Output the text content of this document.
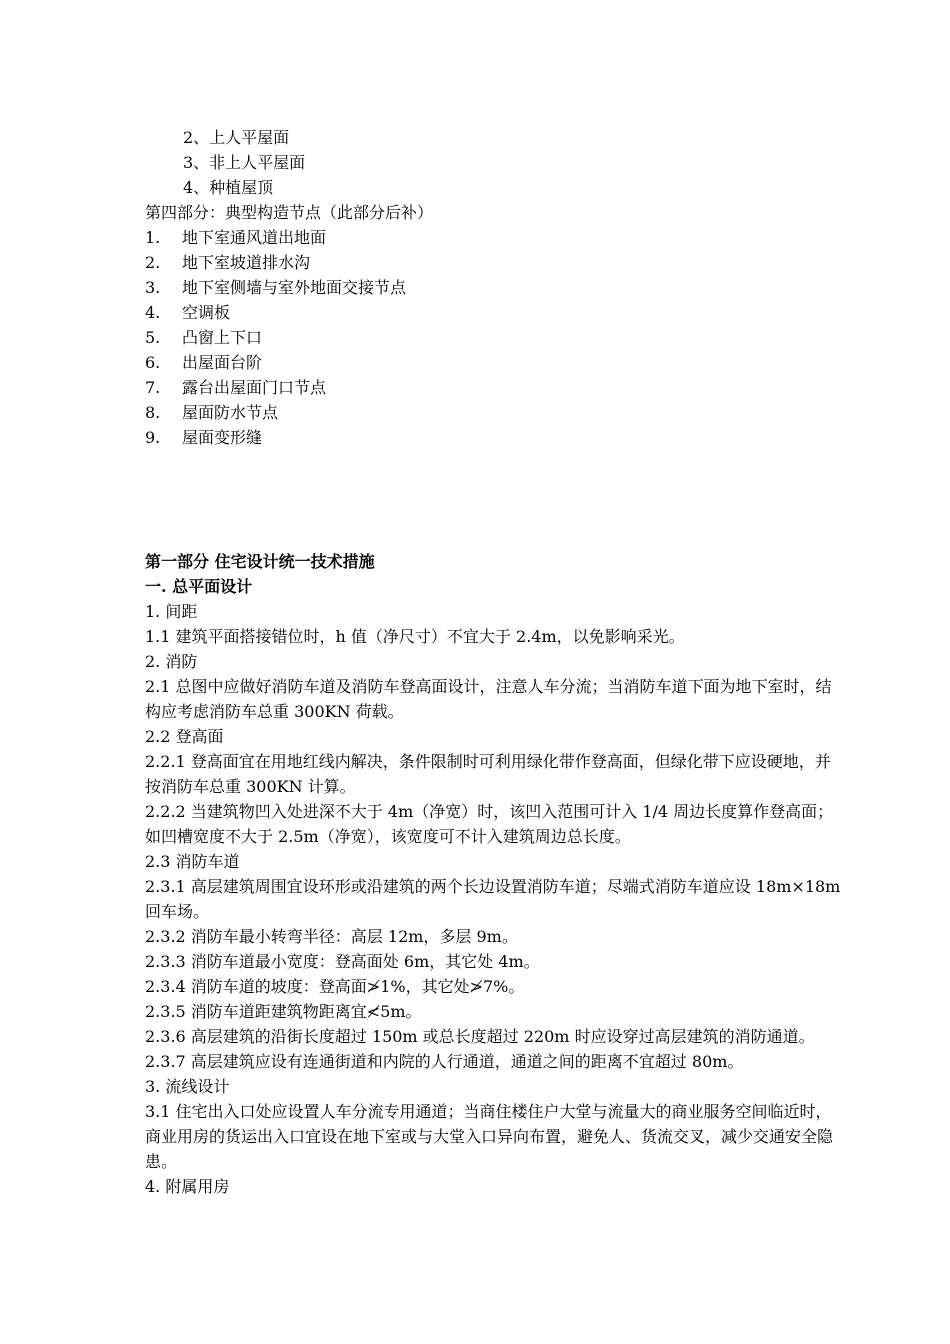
2、上人平屋面
3、非上人平屋面
4、种植屋顶
第四部分：典型构造节点（此部分后补）
1. 地下室通风道出地面
2. 地下室坡道排水沟
3. 地下室侧墙与室外地面交接节点
4. 空调板
5. 凸窗上下口
6. 出屋面台阶
7. 露台出屋面门口节点
8. 屋面防水节点
9. 屋面变形缝
第一部分 住宅设计统一技术措施
一. 总平面设计
1. 间距
1.1 建筑平面搭接错位时，h 值（净尺寸）不宜大于 2.4m，以免影响采光。
2. 消防
2.1 总图中应做好消防车道及消防车登高面设计，注意人车分流；当消防车道下面为地下室时，结构应考虑消防车总重 300KN 荷载。
2.2 登高面
2.2.1 登高面宜在用地红线内解决，条件限制时可利用绿化带作登高面，但绿化带下应设硬地，并按消防车总重 300KN 计算。
2.2.2 当建筑物凹入处进深不大于 4m（净宽）时，该凹入范围可计入 1/4 周边长度算作登高面；如凹槽宽度不大于 2.5m（净宽），该宽度可不计入建筑周边总长度。
2.3 消防车道
2.3.1 高层建筑周围宜设环形或沿建筑的两个长边设置消防车道；尽端式消防车道应设 18m×18m 回车场。
2.3.2 消防车最小转弯半径：高层 12m，多层 9m。
2.3.3 消防车道最小宽度：登高面处 6m，其它处 4m。
2.3.4 消防车道的坡度：登高面≯1%，其它处≯7%。
2.3.5 消防车道距建筑物距离宜≮5m。
2.3.6 高层建筑的沿街长度超过 150m 或总长度超过 220m 时应设穿过高层建筑的消防通道。
2.3.7 高层建筑应设有连通街道和内院的人行通道，通道之间的距离不宜超过 80m。
3. 流线设计
3.1 住宅出入口处应设置人车分流专用通道；当商住楼住户大堂与流量大的商业服务空间临近时，商业用房的货运出入口宜设在地下室或与大堂入口异向布置，避免人、货流交叉，减少交通安全隐患。
4. 附属用房
